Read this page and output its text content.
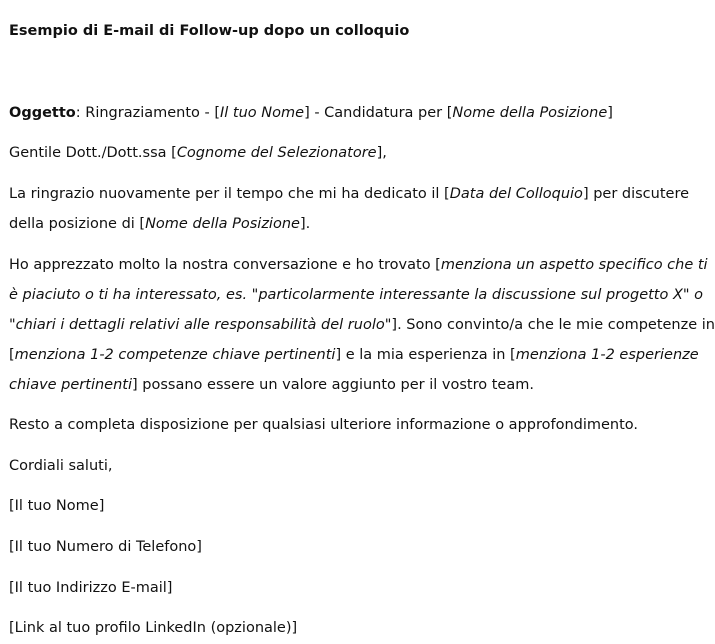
Esempio di E-mail di Follow-up dopo un colloquio
Oggetto: Ringraziamento - [Il tuo Nome] - Candidatura per [Nome della Posizione]
Gentile Dott./Dott.ssa [Cognome del Selezionatore],
La ringrazio nuovamente per il tempo che mi ha dedicato il [Data del Colloquio] per discutere
della posizione di [Nome della Posizione].
Ho apprezzato molto la nostra conversazione e ho trovato [menziona un aspetto specifico che ti
è piaciuto o ti ha interessato, es. "particolarmente interessante la discussione sul progetto X" o
"chiari i dettagli relativi alle responsabilità del ruolo"]. Sono convinto/a che le mie competenze in
[menziona 1-2 competenze chiave pertinenti] e la mia esperienza in [menziona 1-2 esperienze
chiave pertinenti] possano essere un valore aggiunto per il vostro team.
Resto a completa disposizione per qualsiasi ulteriore informazione o approfondimento.
Cordiali saluti,
[Il tuo Nome]
[Il tuo Numero di Telefono]
[Il tuo Indirizzo E-mail]
[Link al tuo profilo LinkedIn (opzionale)]
